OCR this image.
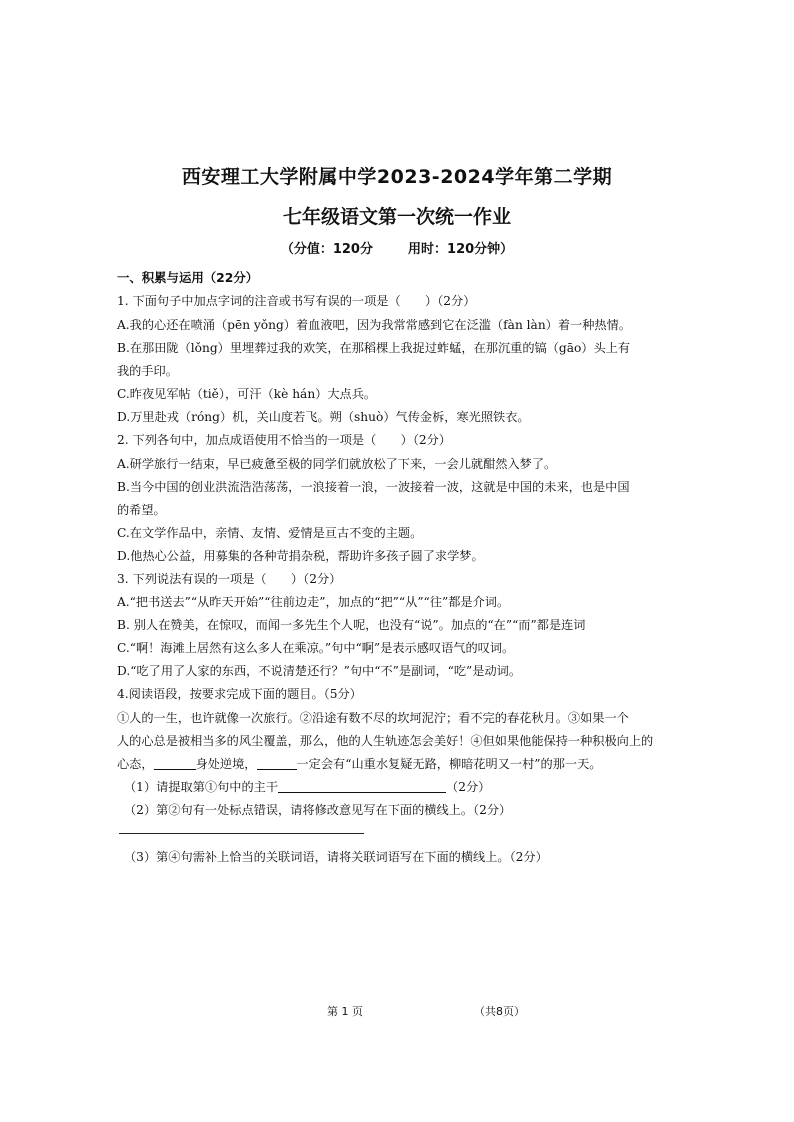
西安理工大学附属中学2023-2024学年第二学期
七年级语文第一次统一作业
（分值：120分	用时：120分钟）
一、积累与运用（22分）
1. 下面句子中加点字词的注音或书写有误的一项是（　　）（2分）
A.我的心还在喷涌（pēn yǒng）着血液吧，因为我常常感到它在泛滥（fàn làn）着一种热情。
B.在那田陇（lǒng）里埋葬过我的欢笑，在那稻棵上我捉过蚱蜢，在那沉重的镐（gāo）头上有
我的手印。
C.昨夜见军帖（tiě），可汗（kè hán）大点兵。
D.万里赴戎（róng）机，关山度若飞。朔（shuò）气传金柝，寒光照铁衣。
2. 下列各句中，加点成语使用不恰当的一项是（　　）（2分）
A.研学旅行一结束，早已疲惫至极的同学们就放松了下来，一会儿就酣然入梦了。
B.当今中国的创业洪流浩浩荡荡，一浪接着一浪，一波接着一波，这就是中国的未来，也是中国
的希望。
C.在文学作品中，亲情、友情、爱情是亘古不变的主题。
D.他热心公益，用募集的各种苛捐杂税，帮助许多孩子圆了求学梦。
3. 下列说法有误的一项是（　　）（2分）
A.“把书送去”“从昨天开始”“往前边走”，加点的“把”“从”“往”都是介词。
B. 别人在赞美，在惊叹，而闻一多先生个人呢，也没有“说”。加点的“在”“而”都是连词
C.“啊！海滩上居然有这么多人在乘凉。”句中“啊”是表示感叹语气的叹词。
D.“吃了用了人家的东西，不说清楚还行？”句中“不”是副词，“吃”是动词。
4.阅读语段，按要求完成下面的题目。（5分）
①人的一生，也许就像一次旅行。②沿途有数不尽的坎坷泥泞；看不完的春花秋月。③如果一个
人的心总是被相当多的风尘覆盖，那么，他的人生轨迹怎会美好！④但如果他能保持一种积极向上的
心态，	身处逆境，	一定会有“山重水复疑无路，柳暗花明又一村”的那一天。
（1）请提取第①句中的主干	（2分）
（2）第②句有一处标点错误，请将修改意见写在下面的横线上。（2分）
（3）第④句需补上恰当的关联词语，请将关联词语写在下面的横线上。（2分）
第 1 页	（共8页）
